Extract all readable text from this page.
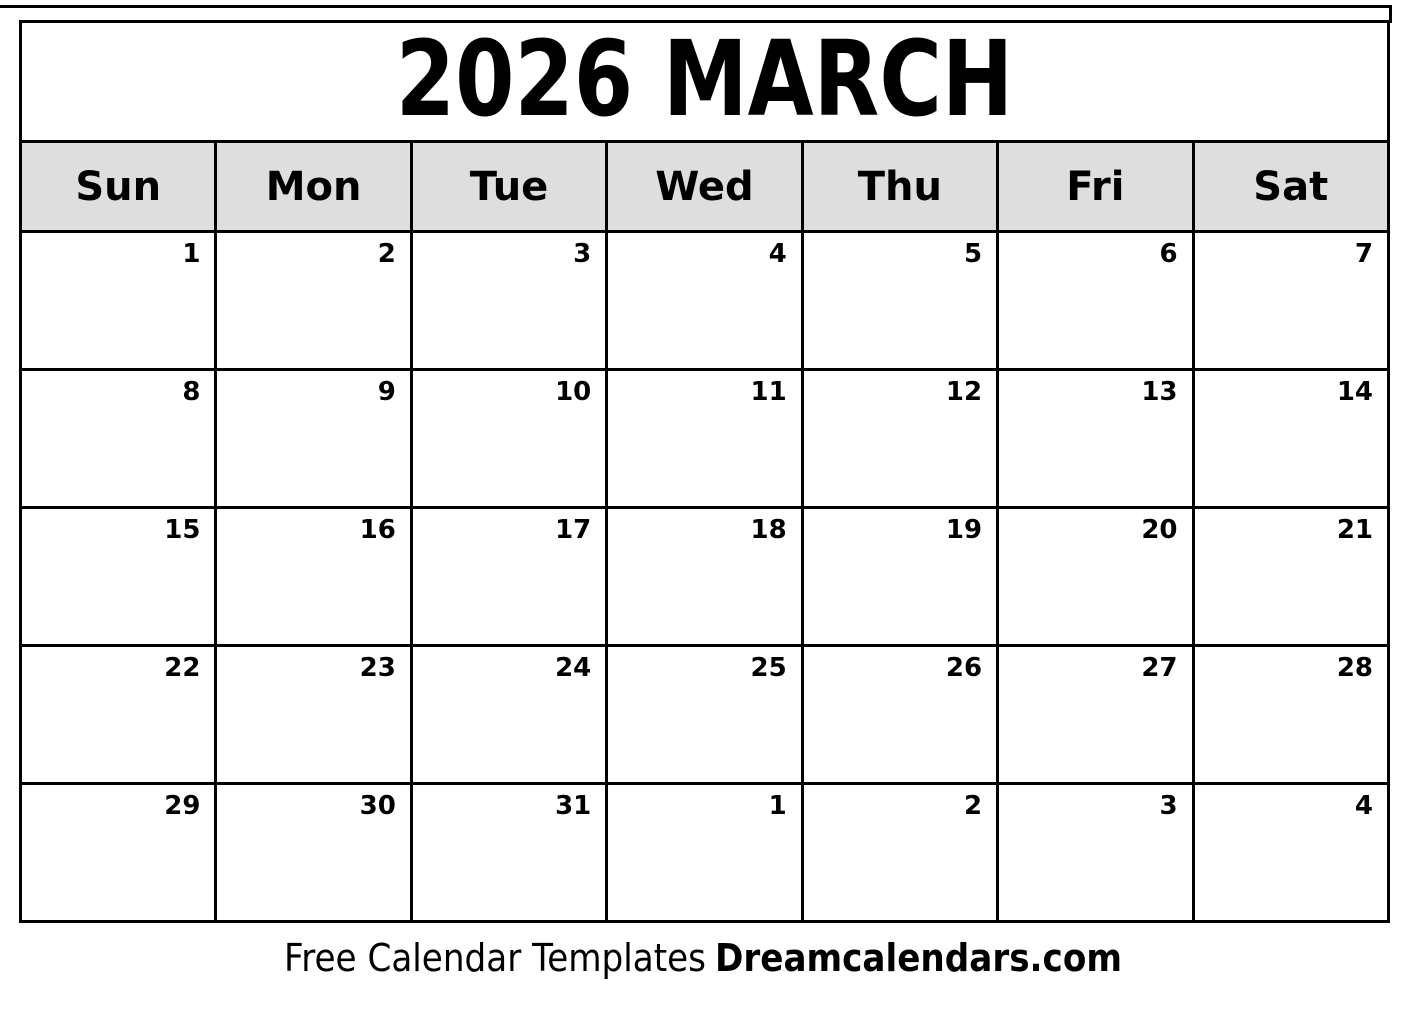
2026 MARCH
Sun	Mon	Tue	Wed	Thu	Fri	Sat
1	2	3	4	5	6	7
8	9	10	11	12	13	14
15	16	17	18	19	20	21
22	23	24	25	26	27	28
29	30	31	1	2	3	4
Free Calendar Templates Dreamcalendars.com
